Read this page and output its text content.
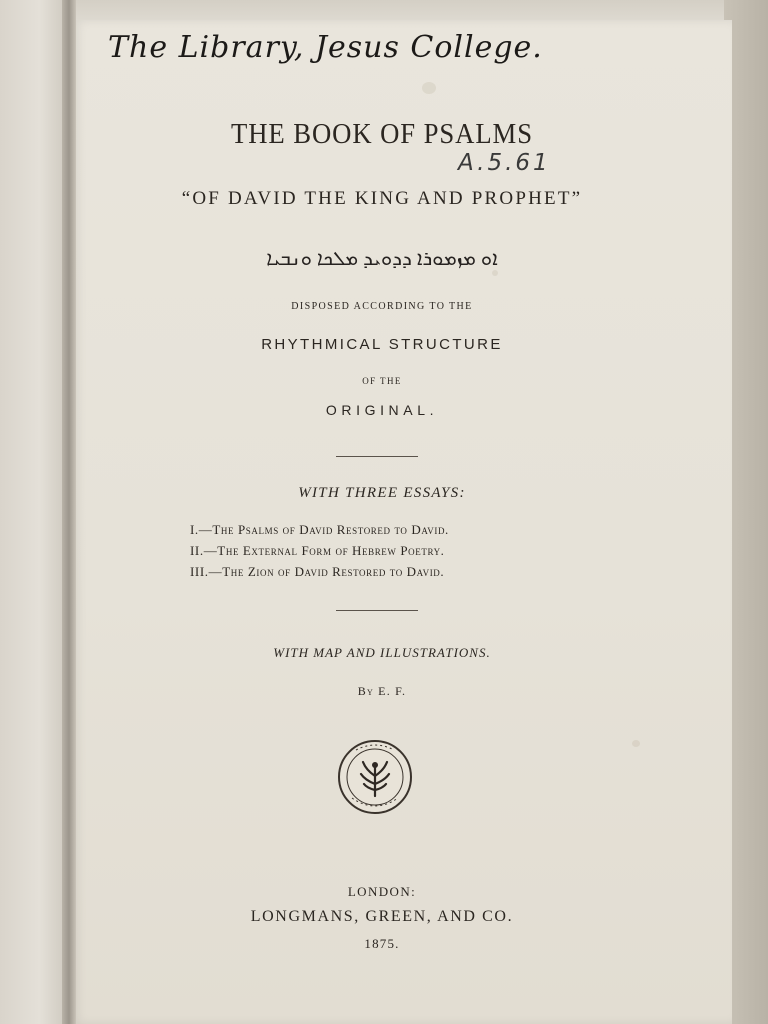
The Library, Jesus College.
A.5.61
THE BOOK OF PSALMS
“OF DAVID THE KING AND PROPHET”
ܐܘ ܡܙܡܘܪܐ ܕܕܘܝܕ ܡܠܟܐ ܘܢܒܝܐ
DISPOSED ACCORDING TO THE
RHYTHMICAL STRUCTURE
OF THE
ORIGINAL.
WITH THREE ESSAYS:
I.—The Psalms of David Restored to David.
II.—The External Form of Hebrew Poetry.
III.—The Zion of David Restored to David.
WITH MAP AND ILLUSTRATIONS.
By E. F.
LONDON:
LONGMANS, GREEN, AND CO.
1875.
